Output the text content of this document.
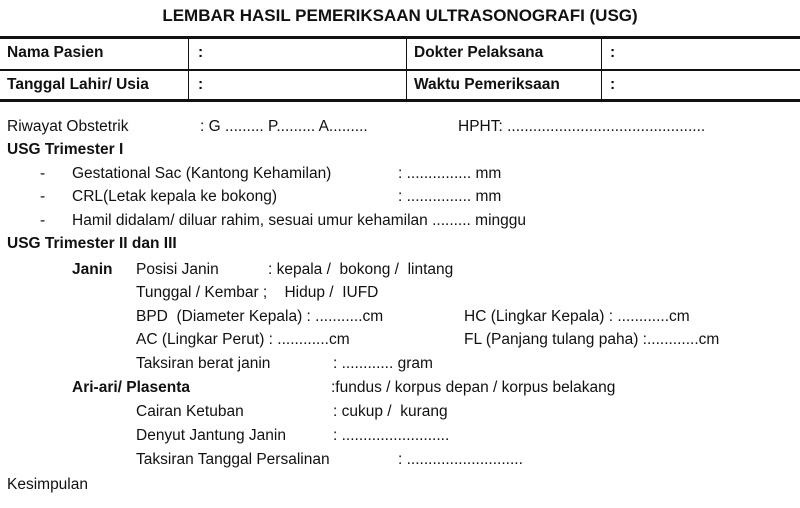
LEMBAR HASIL PEMERIKSAAN ULTRASONOGRAFI (USG)
Nama Pasien	:	Dokter Pelaksana	:
Tanggal Lahir/ Usia	:	Waktu Pemeriksaan	:
Riwayat Obstetrik	: G ......... P......... A.........	HPHT: ..............................................
USG Trimester I
- Gestational Sac (Kantong Kehamilan)	: ............... mm
- CRL(Letak kepala ke bokong)	: ............... mm
- Hamil didalam/ diluar rahim, sesuai umur kehamilan ......... minggu
USG Trimester II dan III
Janin Posisi Janin	: kepala /  bokong /  lintang
Tunggal / Kembar ;    Hidup /  IUFD
BPD  (Diameter Kepala) : ...........cm	HC (Lingkar Kepala) : ............cm
AC (Lingkar Perut) : ............cm	FL (Panjang tulang paha) :............cm
Taksiran berat janin	: ............ gram
Ari-ari/ Plasenta	:fundus / korpus depan / korpus belakang
Cairan Ketuban	: cukup /  kurang
Denyut Jantung Janin	: .........................
Taksiran Tanggal Persalinan	: ...........................
Kesimpulan
